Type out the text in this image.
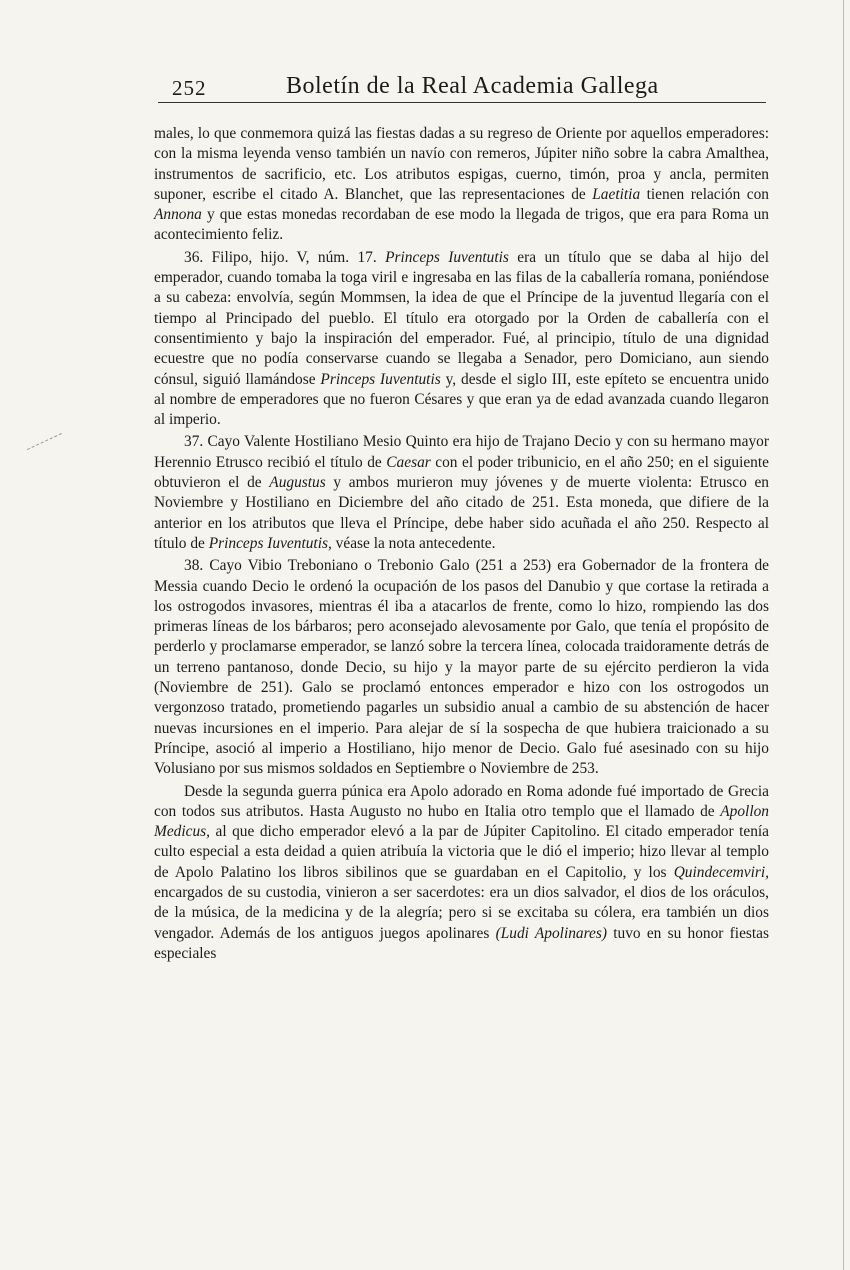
252	Boletín de la Real Academia Gallega

males, lo que conmemora quizá las fiestas dadas a su regreso de Oriente por aquellos emperadores: con la misma leyenda venso también un navío con remeros, Júpiter niño sobre la cabra Amalthea, instrumentos de sacrificio, etc. Los atributos espigas, cuerno, timón, proa y ancla, permiten suponer, escribe el citado A. Blanchet, que las representaciones de Laetitia tienen relación con Annona y que estas monedas recordaban de ese modo la llegada de trigos, que era para Roma un acontecimiento feliz.

36. Filipo, hijo. V, núm. 17. Princeps Iuventutis era un título que se daba al hijo del emperador, cuando tomaba la toga viril e ingresaba en las filas de la caballería romana, poniéndose a su cabeza: envolvía, según Mommsen, la idea de que el Príncipe de la juventud llegaría con el tiempo al Principado del pueblo. El título era otorgado por la Orden de caballería con el consentimiento y bajo la inspiración del emperador. Fué, al principio, título de una dignidad ecuestre que no podía conservarse cuando se llegaba a Senador, pero Domiciano, aun siendo cónsul, siguió llamándose Princeps Iuventutis y, desde el siglo III, este epíteto se encuentra unido al nombre de emperadores que no fueron Césares y que eran ya de edad avanzada cuando llegaron al imperio.

37. Cayo Valente Hostiliano Mesio Quinto era hijo de Trajano Decio y con su hermano mayor Herennio Etrusco recibió el título de Caesar con el poder tribunicio, en el año 250; en el siguiente obtuvieron el de Augustus y ambos murieron muy jóvenes y de muerte violenta: Etrusco en Noviembre y Hostiliano en Diciembre del año citado de 251. Esta moneda, que difiere de la anterior en los atributos que lleva el Príncipe, debe haber sido acuñada el año 250. Respecto al título de Princeps Iuventutis, véase la nota antecedente.

38. Cayo Vibio Treboniano o Trebonio Galo (251 a 253) era Gobernador de la frontera de Messia cuando Decio le ordenó la ocupación de los pasos del Danubio y que cortase la retirada a los ostrogodos invasores, mientras él iba a atacarlos de frente, como lo hizo, rompiendo las dos primeras líneas de los bárbaros; pero aconsejado alevosamente por Galo, que tenía el propósito de perderlo y proclamarse emperador, se lanzó sobre la tercera línea, colocada traidoramente detrás de un terreno pantanoso, donde Decio, su hijo y la mayor parte de su ejército perdieron la vida (Noviembre de 251). Galo se proclamó entonces emperador e hizo con los ostrogodos un vergonzoso tratado, prometiendo pagarles un subsidio anual a cambio de su abstención de hacer nuevas incursiones en el imperio. Para alejar de sí la sospecha de que hubiera traicionado a su Príncipe, asoció al imperio a Hostiliano, hijo menor de Decio. Galo fué asesinado con su hijo Volusiano por sus mismos soldados en Septiembre o Noviembre de 253.

Desde la segunda guerra púnica era Apolo adorado en Roma adonde fué importado de Grecia con todos sus atributos. Hasta Augusto no hubo en Italia otro templo que el llamado de Apollon Medicus, al que dicho emperador elevó a la par de Júpiter Capitolino. El citado emperador tenía culto especial a esta deidad a quien atribuía la victoria que le dió el imperio; hizo llevar al templo de Apolo Palatino los libros sibilinos que se guardaban en el Capitolio, y los Quindecemviri, encargados de su custodia, vinieron a ser sacerdotes: era un dios salvador, el dios de los oráculos, de la música, de la medicina y de la alegría; pero si se excitaba su cólera, era también un dios vengador. Además de los antiguos juegos apolinares (Ludi Apolinares) tuvo en su honor fiestas especiales
